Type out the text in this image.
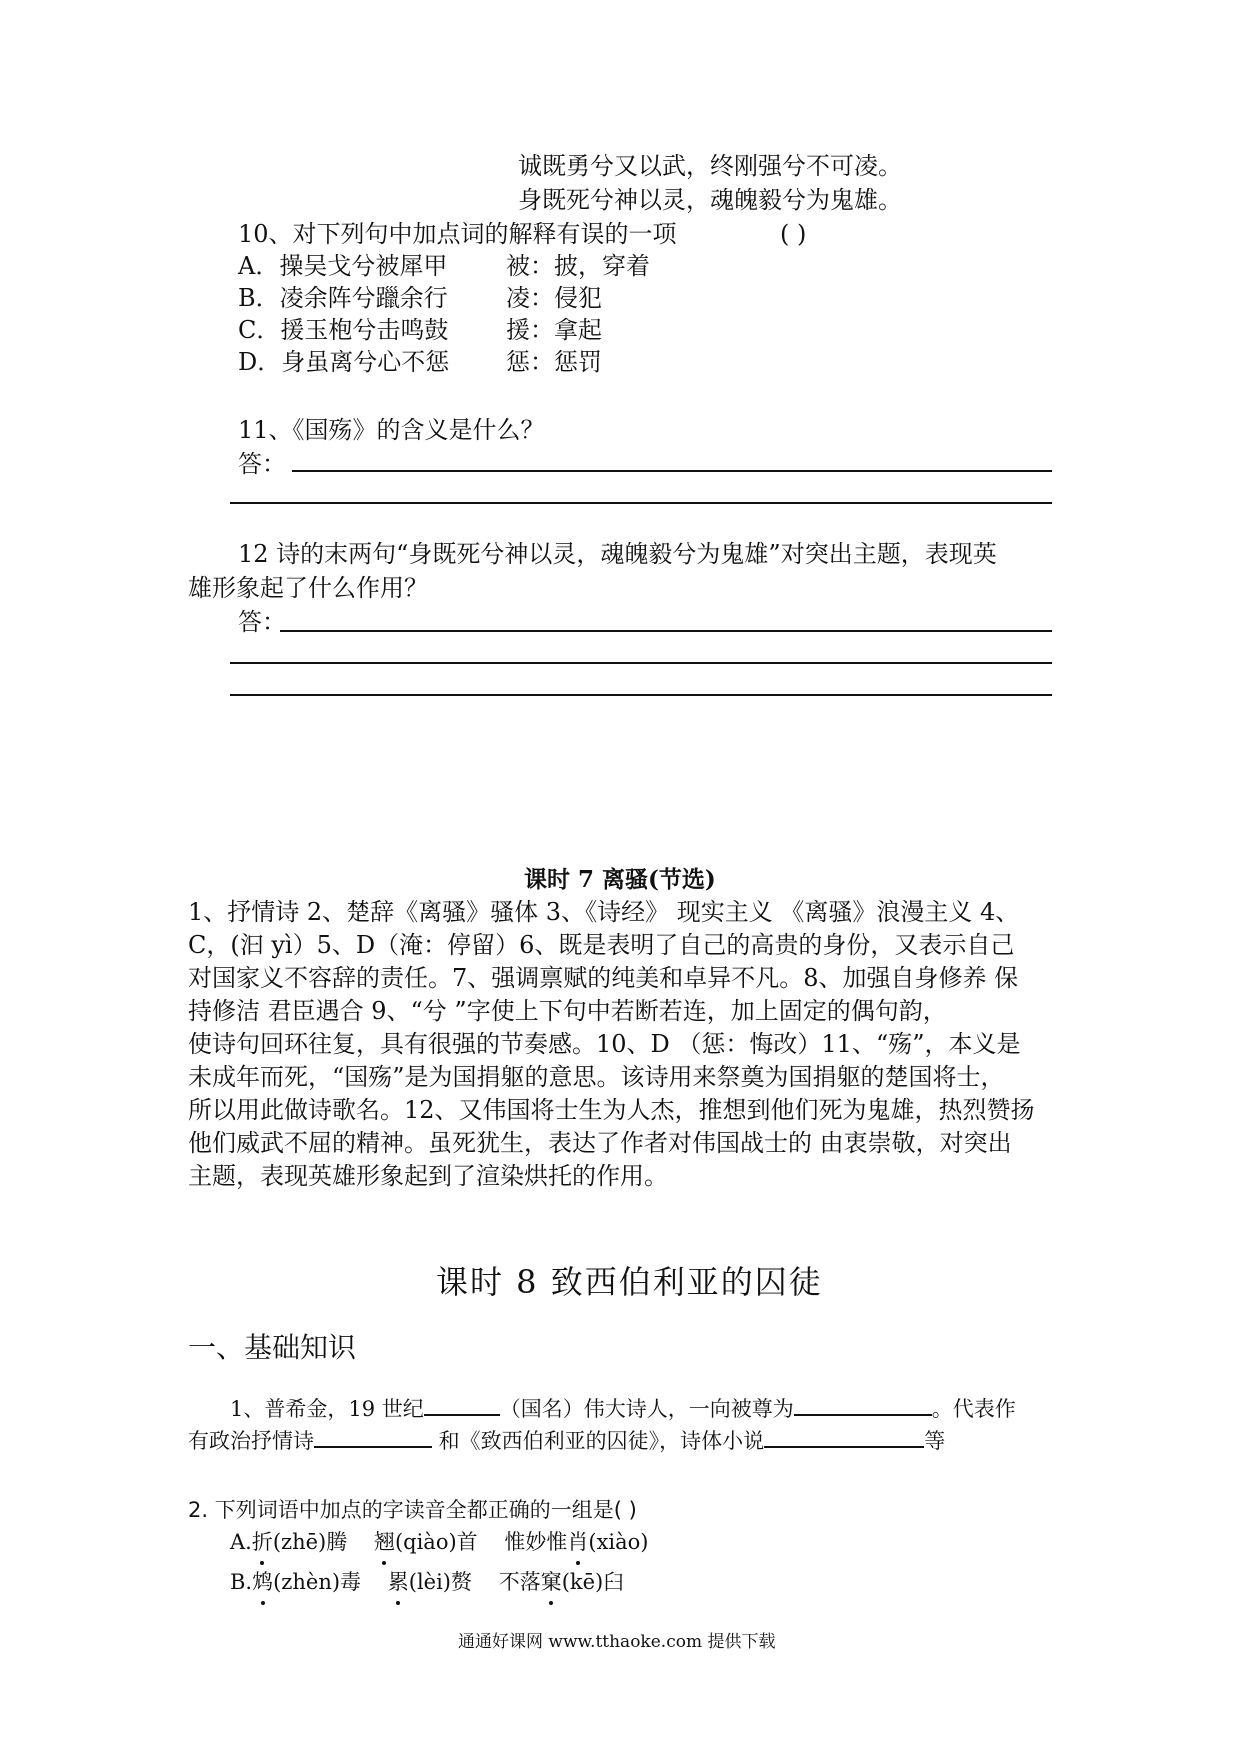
诚既勇兮又以武，终刚强兮不可凌。
身既死兮神以灵，魂魄毅兮为鬼雄。
10、对下列句中加点词的解释有误的一项	( )
A．操吴戈兮被犀甲 被：披，穿着
B．凌余阵兮躐余行 凌：侵犯
C．援玉枹兮击鸣鼓 援：拿起
D．身虽离兮心不惩 惩：惩罚
11、《国殇》的含义是什么？
答：
12 诗的末两句“身既死兮神以灵，魂魄毅兮为鬼雄”对突出主题，表现英
雄形象起了什么作用？
答：
课时 7 离骚(节选)
1、抒情诗 2、楚辞《离骚》骚体 3、《诗经》 现实主义 《离骚》浪漫主义 4、
C，(汩 yì）5、D（淹：停留）6、既是表明了自己的高贵的身份，又表示自己
对国家义不容辞的责任。7、强调禀赋的纯美和卓异不凡。8、加强自身修养 保
持修洁 君臣遇合 9、“兮 ”字使上下句中若断若连，加上固定的偶句韵，
使诗句回环往复，具有很强的节奏感。10、D （惩：悔改）11、“殇”，本义是
未成年而死，“国殇”是为国捐躯的意思。该诗用来祭奠为国捐躯的楚国将士，
所以用此做诗歌名。12、又伟国将士生为人杰，推想到他们死为鬼雄，热烈赞扬
他们威武不屈的精神。虽死犹生，表达了作者对伟国战士的 由衷崇敬，对突出
主题，表现英雄形象起到了渲染烘托的作用。
课时 8 致西伯利亚的囚徒
一、基础知识
1、普希金，19 世纪	（国名）伟大诗人，一向被尊为	。代表作
有政治抒情诗	和《致西伯利亚的囚徒》，诗体小说	等
2. 下列词语中加点的字读音全都正确的一组是( )
A.折(zhē)腾 翘(qiào)首 惟妙惟肖(xiào)
B.鸩(zhèn)毒 累(lèi)赘 不落窠(kē)臼
通通好课网 www.tthaoke.com 提供下载
